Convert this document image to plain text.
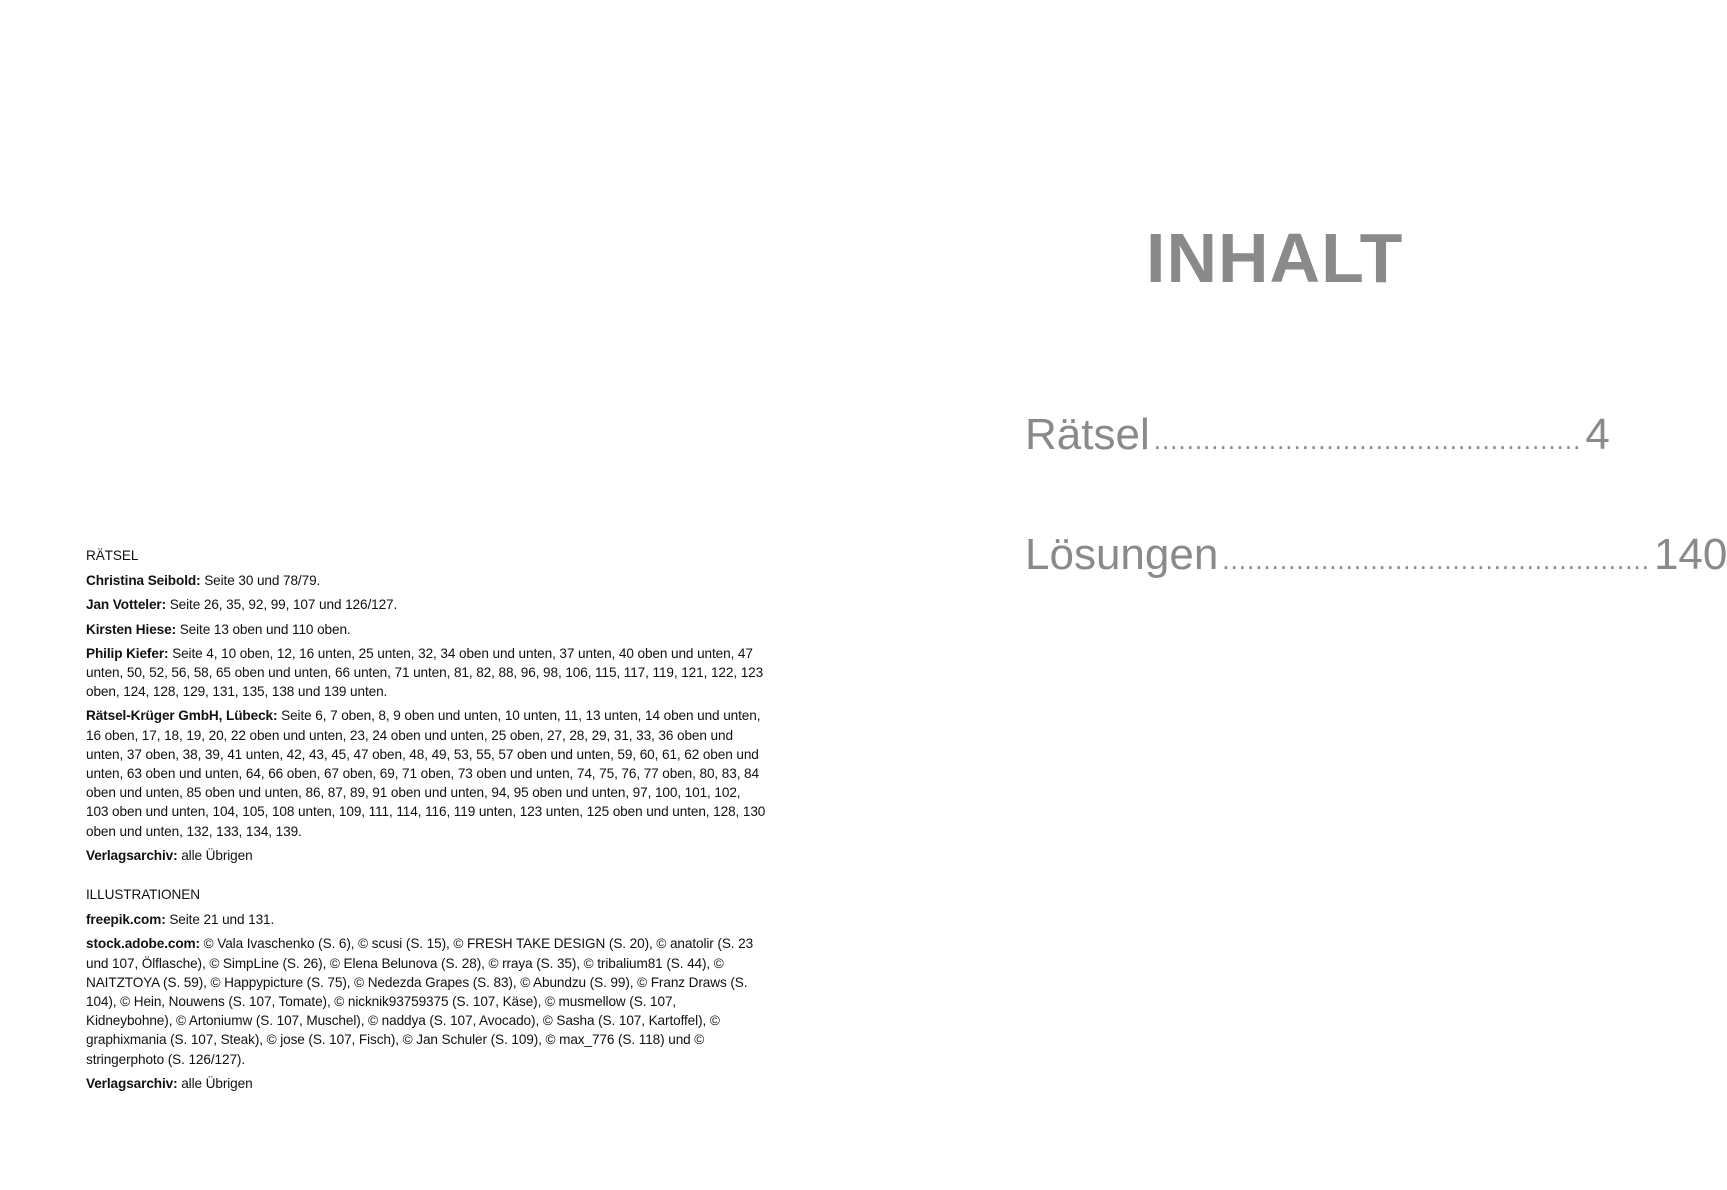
RÄTSEL
Christina Seibold: Seite 30 und 78/79.
Jan Votteler: Seite 26, 35, 92, 99, 107 und 126/127.
Kirsten Hiese: Seite 13 oben und 110 oben.
Philip Kiefer: Seite 4, 10 oben, 12, 16 unten, 25 unten, 32, 34 oben und unten, 37 unten, 40 oben und unten, 47 unten, 50, 52, 56, 58, 65 oben und unten, 66 unten, 71 unten, 81, 82, 88, 96, 98, 106, 115, 117, 119, 121, 122, 123 oben, 124, 128, 129, 131, 135, 138 und 139 unten.
Rätsel-Krüger GmbH, Lübeck: Seite 6, 7 oben, 8, 9 oben und unten, 10 unten, 11, 13 unten, 14 oben und unten, 16 oben, 17, 18, 19, 20, 22 oben und unten, 23, 24 oben und unten, 25 oben, 27, 28, 29, 31, 33, 36 oben und unten, 37 oben, 38, 39, 41 unten, 42, 43, 45, 47 oben, 48, 49, 53, 55, 57 oben und unten, 59, 60, 61, 62 oben und unten, 63 oben und unten, 64, 66 oben, 67 oben, 69, 71 oben, 73 oben und unten, 74, 75, 76, 77 oben, 80, 83, 84 oben und unten, 85 oben und unten, 86, 87, 89, 91 oben und unten, 94, 95 oben und unten, 97, 100, 101, 102, 103 oben und unten, 104, 105, 108 unten, 109, 111, 114, 116, 119 unten, 123 unten, 125 oben und unten, 128, 130 oben und unten, 132, 133, 134, 139.
Verlagsarchiv: alle Übrigen
ILLUSTRATIONEN
freepik.com: Seite 21 und 131.
stock.adobe.com: © Vala Ivaschenko (S. 6), © scusi (S. 15), © FRESH TAKE DESIGN (S. 20), © anatolir (S. 23 und 107, Ölflasche), © SimpLine (S. 26), © Elena Belunova (S. 28), © rraya (S. 35), © tribalium81 (S. 44), © NAITZTOYA (S. 59), © Happypicture (S. 75), © Nedezda Grapes (S. 83), © Abundzu (S. 99), © Franz Draws (S. 104), © Hein, Nouwens (S. 107, Tomate), © nicknik93759375 (S. 107, Käse), © musmellow (S. 107, Kidneybohne), © Artoniumw (S. 107, Muschel), © naddya (S. 107, Avocado), © Sasha (S. 107, Kartoffel), © graphixmania (S. 107, Steak), © jose (S. 107, Fisch), © Jan Schuler (S. 109), © max_776 (S. 118) und © stringerphoto (S. 126/127).
Verlagsarchiv: alle Übrigen
INHALT
Rätsel .................................................... 4
Lösungen .................................................... 140
